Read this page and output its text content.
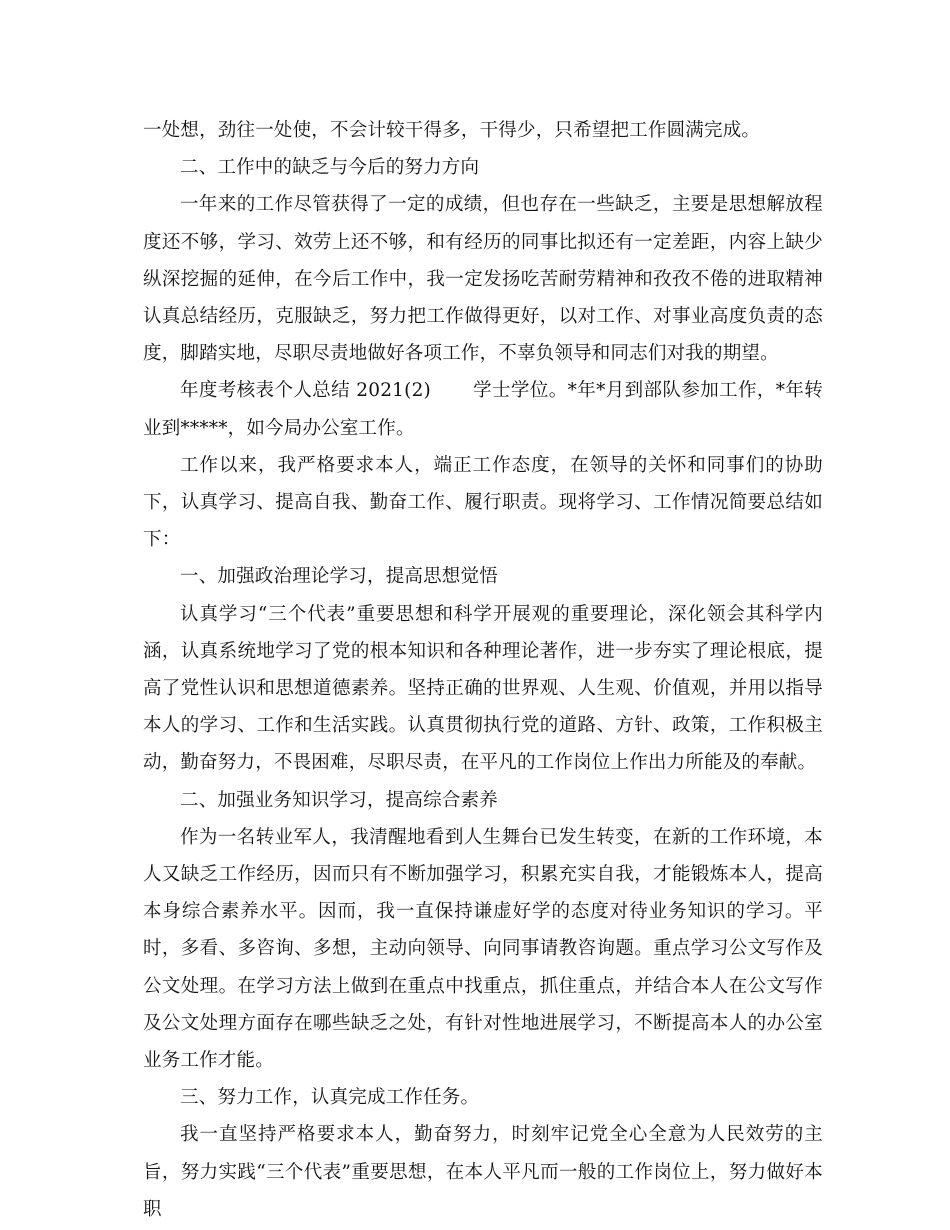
一处想，劲往一处使，不会计较干得多，干得少，只希望把工作圆满完成。

二、工作中的缺乏与今后的努力方向

一年来的工作尽管获得了一定的成绩，但也存在一些缺乏，主要是思想解放程度还不够，学习、效劳上还不够，和有经历的同事比拟还有一定差距，内容上缺少纵深挖掘的延伸，在今后工作中，我一定发扬吃苦耐劳精神和孜孜不倦的进取精神认真总结经历，克服缺乏，努力把工作做得更好，以对工作、对事业高度负责的态度，脚踏实地，尽职尽责地做好各项工作，不辜负领导和同志们对我的期望。

年度考核表个人总结 2021(2) 学士学位。*年*月到部队参加工作，*年转业到*****，如今局办公室工作。

工作以来，我严格要求本人，端正工作态度，在领导的关怀和同事们的协助下，认真学习、提高自我、勤奋工作、履行职责。现将学习、工作情况简要总结如下：

一、加强政治理论学习，提高思想觉悟

认真学习“三个代表”重要思想和科学开展观的重要理论，深化领会其科学内涵，认真系统地学习了党的根本知识和各种理论著作，进一步夯实了理论根底，提高了党性认识和思想道德素养。坚持正确的世界观、人生观、价值观，并用以指导本人的学习、工作和生活实践。认真贯彻执行党的道路、方针、政策，工作积极主动，勤奋努力，不畏困难，尽职尽责，在平凡的工作岗位上作出力所能及的奉献。

二、加强业务知识学习，提高综合素养

作为一名转业军人，我清醒地看到人生舞台已发生转变，在新的工作环境，本人又缺乏工作经历，因而只有不断加强学习，积累充实自我，才能锻炼本人，提高本身综合素养水平。因而，我一直保持谦虚好学的态度对待业务知识的学习。平时，多看、多咨询、多想，主动向领导、向同事请教咨询题。重点学习公文写作及公文处理。在学习方法上做到在重点中找重点，抓住重点，并结合本人在公文写作及公文处理方面存在哪些缺乏之处，有针对性地进展学习，不断提高本人的办公室业务工作才能。

三、努力工作，认真完成工作任务。

我一直坚持严格要求本人，勤奋努力，时刻牢记党全心全意为人民效劳的主旨，努力实践“三个代表”重要思想，在本人平凡而一般的工作岗位上，努力做好本职
